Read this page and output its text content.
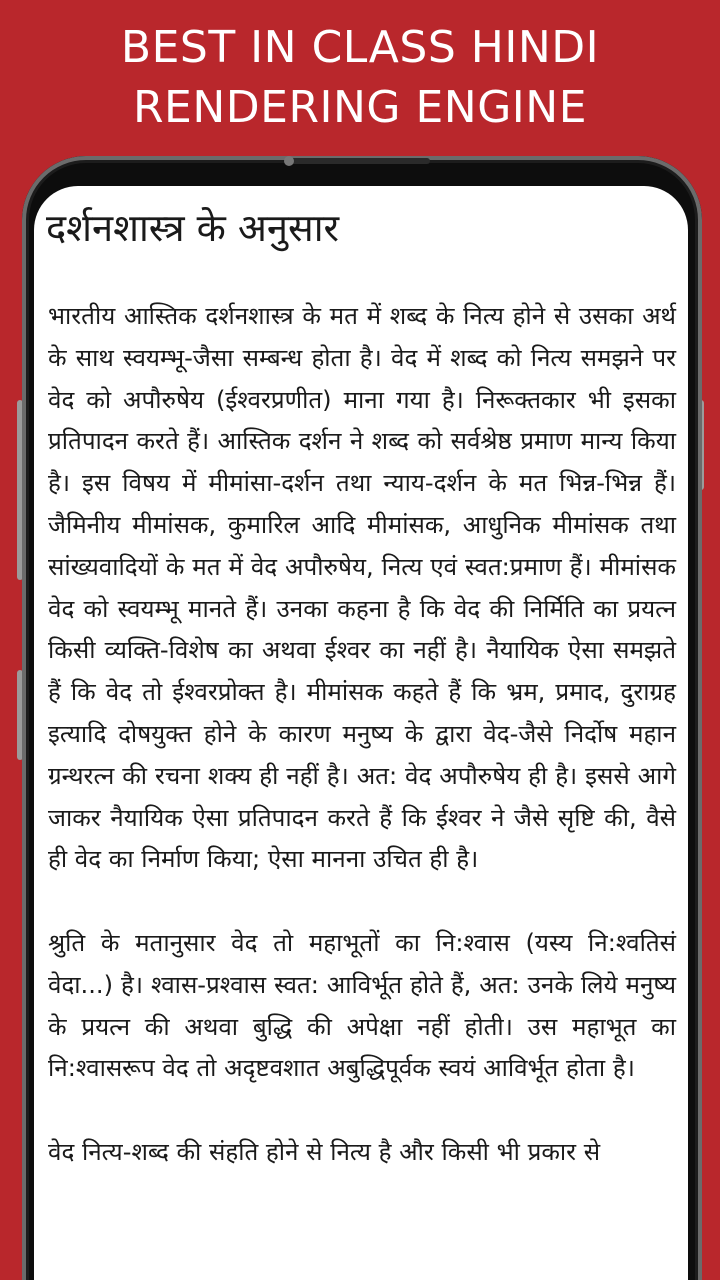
BEST IN CLASS HINDI
RENDERING ENGINE
दर्शनशास्त्र के अनुसार

भारतीय आस्तिक दर्शनशास्त्र के मत में शब्द के नित्य होने से उसका अर्थ के साथ स्वयम्भू-जैसा सम्बन्ध होता है। वेद में शब्द को नित्य समझने पर वेद को अपौरुषेय (ईश्वरप्रणीत) माना गया है। निरूक्तकार भी इसका प्रतिपादन करते हैं। आस्तिक दर्शन ने शब्द को सर्वश्रेष्ठ प्रमाण मान्य किया है। इस विषय में मीमांसा-दर्शन तथा न्याय-दर्शन के मत भिन्न-भिन्न हैं। जैमिनीय मीमांसक, कुमारिल आदि मीमांसक, आधुनिक मीमांसक तथा सांख्यवादियों के मत में वेद अपौरुषेय, नित्य एवं स्वत:प्रमाण हैं। मीमांसक वेद को स्वयम्भू मानते हैं। उनका कहना है कि वेद की निर्मिति का प्रयत्न किसी व्यक्ति-विशेष का अथवा ईश्वर का नहीं है। नैयायिक ऐसा समझते हैं कि वेद तो ईश्वरप्रोक्त है। मीमांसक कहते हैं कि भ्रम, प्रमाद, दुराग्रह इत्यादि दोषयुक्त होने के कारण मनुष्य के द्वारा वेद-जैसे निर्दोष महान ग्रन्थरत्न की रचना शक्य ही नहीं है। अत: वेद अपौरुषेय ही है। इससे आगे जाकर नैयायिक ऐसा प्रतिपादन करते हैं कि ईश्वर ने जैसे सृष्टि की, वैसे ही वेद का निर्माण किया; ऐसा मानना उचित ही है।

श्रुति के मतानुसार वेद तो महाभूतों का नि:श्वास (यस्य नि:श्वतिसं वेदा...) है। श्वास-प्रश्वास स्वत: आविर्भूत होते हैं, अत: उनके लिये मनुष्य के प्रयत्न की अथवा बुद्धि की अपेक्षा नहीं होती। उस महाभूत का नि:श्वासरूप वेद तो अदृष्टवशात अबुद्धिपूर्वक स्वयं आविर्भूत होता है।

वेद नित्य-शब्द की संहति होने से नित्य है और किसी भी प्रकार से
